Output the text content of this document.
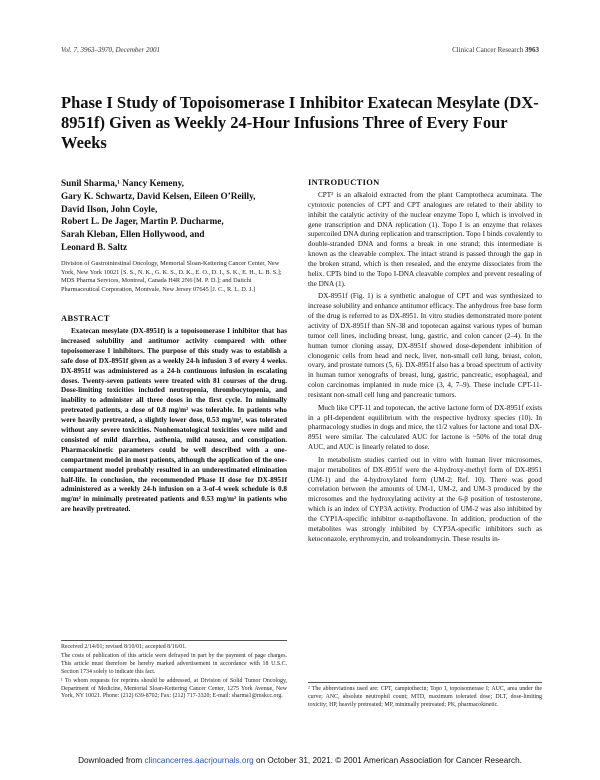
Vol. 7, 3963–3970, December 2001	Clinical Cancer Research 3963
Phase I Study of Topoisomerase I Inhibitor Exatecan Mesylate (DX-8951f) Given as Weekly 24-Hour Infusions Three of Every Four Weeks
Sunil Sharma,¹ Nancy Kemeny,
Gary K. Schwartz, David Kelsen, Eileen O’Reilly,
David Ilson, John Coyle,
Robert L. De Jager, Martin P. Ducharme,
Sarah Kleban, Ellen Hollywood, and
Leonard B. Saltz
Division of Gastrointestinal Oncology, Memorial Sloan-Kettering Cancer Center, New York, New York 10021 [S. S., N. K., G. K. S., D. K., E. O., D. I., S. K., E. H., L. B. S.]; MDS Pharma Services, Montreal, Canada H4R 2N6 [M. P. D.]; and Daiichi Pharmaceutical Corporation, Montvale, New Jersey 07645 [J. C., R. L. D. J.]
ABSTRACT

Exatecan mesylate (DX-8951f) is a topoisomerase I inhibitor that has increased solubility and antitumor activity compared with other topoisomerase I inhibitors. The purpose of this study was to establish a safe dose of DX-8951f given as a weekly 24-h infusion 3 of every 4 weeks. DX-8951f was administered as a 24-h continuous infusion in escalating doses. Twenty-seven patients were treated with 81 courses of the drug. Dose-limiting toxicities included neutropenia, thrombocytopenia, and inability to administer all three doses in the first cycle. In minimally pretreated patients, a dose of 0.8 mg/m² was tolerable. In patients who were heavily pretreated, a slightly lower dose, 0.53 mg/m², was tolerated without any severe toxicities. Nonhematological toxicities were mild and consisted of mild diarrhea, asthenia, mild nausea, and constipation. Pharmacokinetic parameters could be well described with a one-compartment model in most patients, although the application of the one-compartment model probably resulted in an underestimated elimination half-life. In conclusion, the recommended Phase II dose for DX-8951f administered as a weekly 24-h infusion on a 3-of-4 week schedule is 0.8 mg/m² in minimally pretreated patients and 0.53 mg/m² in patients who are heavily pretreated.

Received 2/14/01; revised 8/10/01; accepted 8/16/01.

The costs of publication of this article were defrayed in part by the payment of page charges. This article must therefore be hereby marked advertisement in accordance with 18 U.S.C. Section 1734 solely to indicate this fact.

¹ To whom requests for reprints should be addressed, at Division of Solid Tumor Oncology, Department of Medicine, Memorial Sloan-Kettering Cancer Center, 1275 York Avenue, New York, NY 10021. Phone: (212) 639-8702; Fax: (212) 717-3320; E-mail: sharma1@mskcc.org.

INTRODUCTION

CPT² is an alkaloid extracted from the plant Camptotheca acuminata. The cytotoxic potencies of CPT and CPT analogues are related to their ability to inhibit the catalytic activity of the nuclear enzyme Topo I, which is involved in gene transcription and DNA replication (1). Topo I is an enzyme that relaxes supercoiled DNA during replication and transcription. Topo I binds covalently to double-stranded DNA and forms a break in one strand; this intermediate is known as the cleavable complex. The intact strand is passed through the gap in the broken strand, which is then resealed, and the enzyme dissociates from the helix. CPTs bind to the Topo I-DNA cleavable complex and prevent resealing of the DNA (1).

DX-8951f (Fig. 1) is a synthetic analogue of CPT and was synthesized to increase solubility and enhance antitumor efficacy. The anhydrous free base form of the drug is referred to as DX-8951. In vitro studies demonstrated more potent activity of DX-8951f than SN-38 and topotecan against various types of human tumor cell lines, including breast, lung, gastric, and colon cancer (2–4). In the human tumor cloning assay, DX-8951f showed dose-dependent inhibition of clonogenic cells from head and neck, liver, non-small cell lung, breast, colon, ovary, and prostate tumors (5, 6). DX-8951f also has a broad spectrum of activity in human tumor xenografts of breast, lung, gastric, pancreatic, esophageal, and colon carcinomas implanted in nude mice (3, 4, 7–9). These include CPT-11-resistant non-small cell lung and pancreatic tumors.

Much like CPT-11 and topotecan, the active lactone form of DX-8951f exists in a pH-dependent equilibrium with the respective hydroxy species (10). In pharmacology studies in dogs and mice, the t1/2 values for lactone and total DX-8951 were similar. The calculated AUC for lactone is ~50% of the total drug AUC, and AUC is linearly related to dose.

In metabolism studies carried out in vitro with human liver microsomes, major metabolites of DX-8951f were the 4-hydroxy-methyl form of DX-8951 (UM-1) and the 4-hydroxylated form (UM-2; Ref. 10). There was good correlation between the amounts of UM-1, UM-2, and UM-3 produced by the microsomes and the hydroxylating activity at the 6-β position of testosterone, which is an index of CYP3A activity. Production of UM-2 was also inhibited by the CYP1A-specific inhibitor α-napthoflavone. In addition, production of the metabolites was strongly inhibited by CYP3A-specific inhibitors such as ketoconazole, erythromycin, and troleandomycin. These results in-

² The abbreviations used are: CPT, camptothecin; Topo I, topoisomerase I; AUC, area under the curve; ANC, absolute neutrophil count; MTD, maximum tolerated dose; DLT, dose-limiting toxicity; HP, heavily pretreated; MP, minimally pretreated; PK, pharmacokinetic.
Downloaded from clincancerres.aacrjournals.org on October 31, 2021. © 2001 American Association for Cancer Research.
